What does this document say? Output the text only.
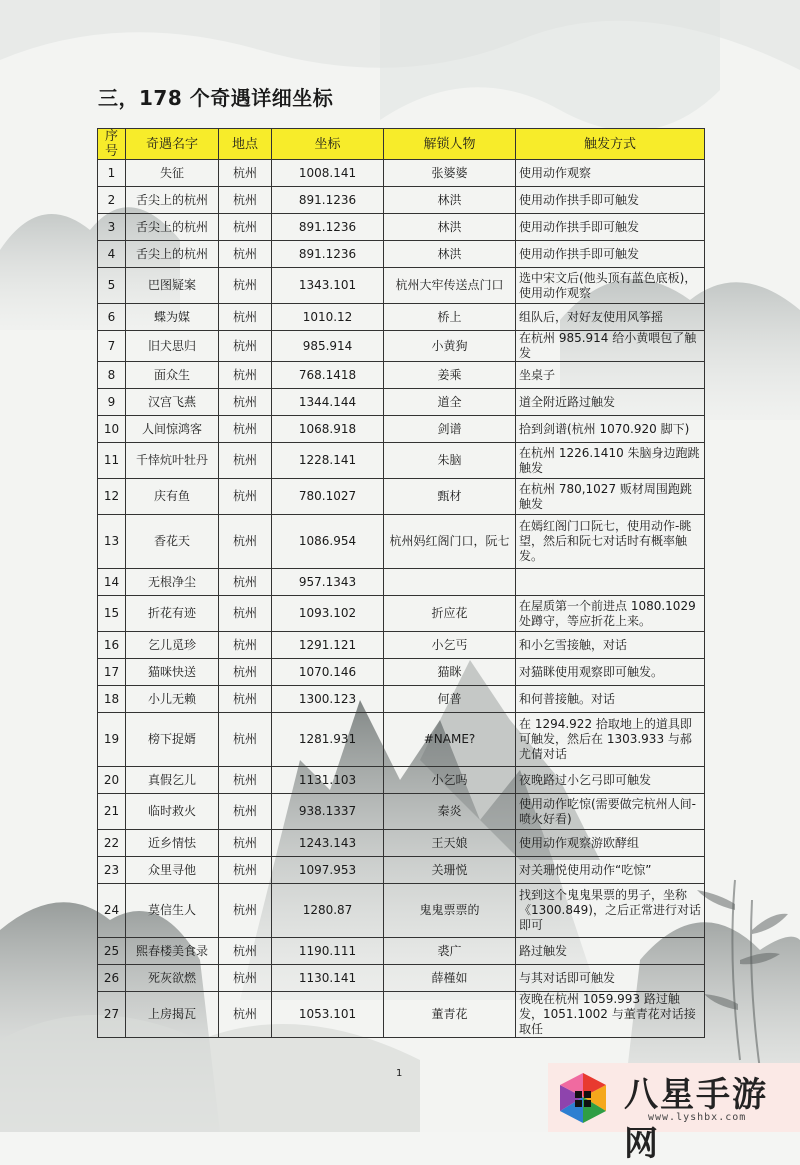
三，178 个奇遇详细坐标
序号	奇遇名字	地点	坐标	解锁人物	触发方式
1	失征	杭州	1008.141	张婆婆	使用动作观察
2	舌尖上的杭州	杭州	891.1236	林洪	使用动作拱手即可触发
3	舌尖上的杭州	杭州	891.1236	林洪	使用动作拱手即可触发
4	舌尖上的杭州	杭州	891.1236	林洪	使用动作拱手即可触发
5	巴图疑案	杭州	1343.101	杭州大牢传送点门口	选中宋文后(他头顶有蓝色底板)，使用动作观察
6	蝶为媒	杭州	1010.12	桥上	组队后，对好友使用风筝摇
7	旧犬思归	杭州	985.914	小黄狗	在杭州 985.914 给小黄喂包了触发
8	面众生	杭州	768.1418	姜乘	坐桌子
9	汉宫飞燕	杭州	1344.144	道全	道全附近路过触发
10	人间惊鸿客	杭州	1068.918	剑谱	拾到剑谱(杭州 1070.920 脚下)
11	千悻炕叶牡丹	杭州	1228.141	朱脑	在杭州 1226.1410 朱脑身边跑跳触发
12	庆有鱼	杭州	780.1027	甄材	在杭州 780,1027 贩材周围跑跳触发
13	香花天	杭州	1086.954	杭州妈红阁门口，阮七	在嫣红阁门口阮七，使用动作-眺望，然后和阮七对话时有概率触发。
14	无根净尘	杭州	957.1343		
15	折花有迹	杭州	1093.102	折应花	在屋质第一个前进点 1080.1029 处蹲守，等应折花上来。
16	乞儿觅珍	杭州	1291.121	小乞丐	和小乞雪接触，对话
17	猫咪快送	杭州	1070.146	猫眯	对猫眯使用观察即可触发。
18	小儿无赖	杭州	1300.123	何普	和何普接触。对话
19	榜下捉婿	杭州	1281.931	#NAME?	在 1294.922 拾取地上的道具即可触发，然后在 1303.933 与郝尤倩对话
20	真假乞儿	杭州	1131.103	小乞吗	夜晚路过小乞弓即可触发
21	临时救火	杭州	938.1337	秦炎	使用动作吃惊(需要做完杭州人间-喷火好看)
22	近乡情怯	杭州	1243.143	王天娘	使用动作观察游欧酵组
23	众里寻他	杭州	1097.953	关珊悦	对关珊悦使用动作“吃惊”
24	莫信生人	杭州	1280.87	鬼鬼票票的	找到这个鬼鬼果票的男子，坐称《1300.849)，之后正常进行对话即可
25	熙春楼美食录	杭州	1190.111	裘广	路过触发
26	死灰欲燃	杭州	1130.141	薛槿如	与其对话即可触发
27	上房揭瓦	杭州	1053.101	董青花	夜晚在杭州 1059.993 路过触发，1051.1002 与董青花对话接取任
1
八星手游网
www.lyshbx.com
